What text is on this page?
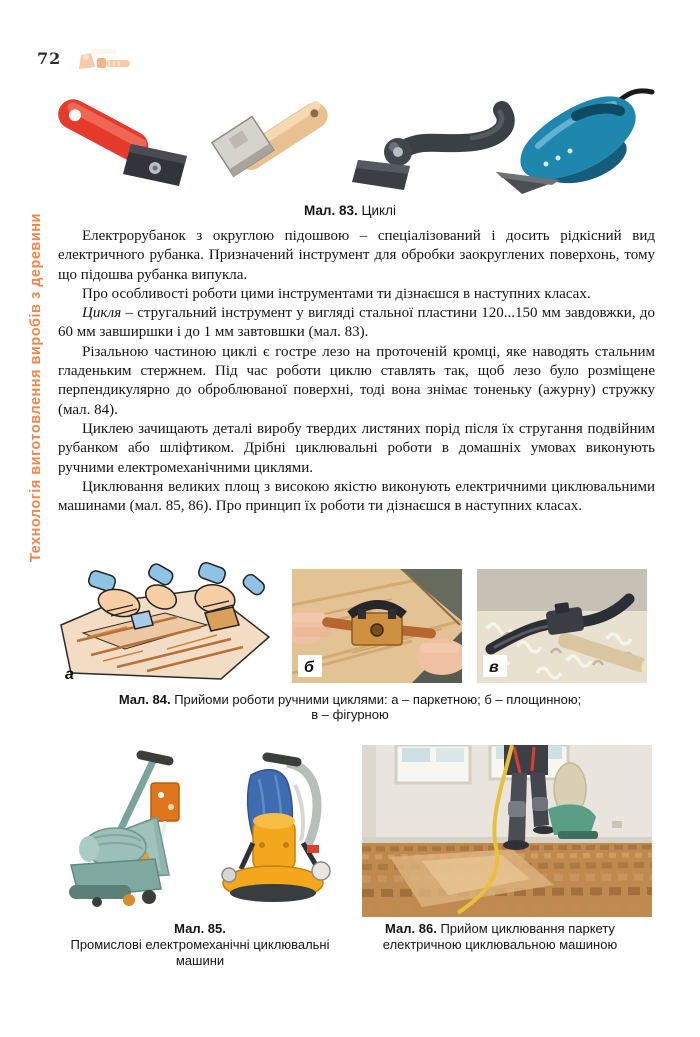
72
Технологія виготовлення виробів з деревини
Мал. 83. Циклі

Електрорубанок з округлою підошвою – спеціалізований і досить рідкісний вид електричного рубанка. Призначений інструмент для обробки заокруглених поверхонь, тому що підошва рубанка випукла.

Про особливості роботи цими інструментами ти дізнаєшся в наступних класах.

Цикля – стругальний інструмент у вигляді стальної пластини 120...150 мм завдовжки, до 60 мм завширшки і до 1 мм завтовшки (мал. 83).

Різальною частиною циклі є гостре лезо на проточеній кромці, яке наводять стальним гладеньким стержнем. Під час роботи циклю ставлять так, щоб лезо було розміщене перпендикулярно до оброблюваної поверхні, тоді вона знімає тоненьку (ажурну) стружку (мал. 84).

Циклею зачищають деталі виробу твердих листяних порід після їх стругання подвійним рубанком або шліфтиком. Дрібні циклювальні роботи в домашніх умовах виконують ручними електромеханічними циклями.

Циклювання великих площ з високою якістю виконують електричними циклювальними машинами (мал. 85, 86). Про принцип їх роботи ти дізнаєшся в наступних класах.

а	б	в
Мал. 84. Прийоми роботи ручними циклями: а – паркетною; б – площинною;
в – фігурною
Мал. 85.
Промислові електромеханічні циклювальні машини
Мал. 86. Прийом циклювання паркету електричною циклювальною машиною
